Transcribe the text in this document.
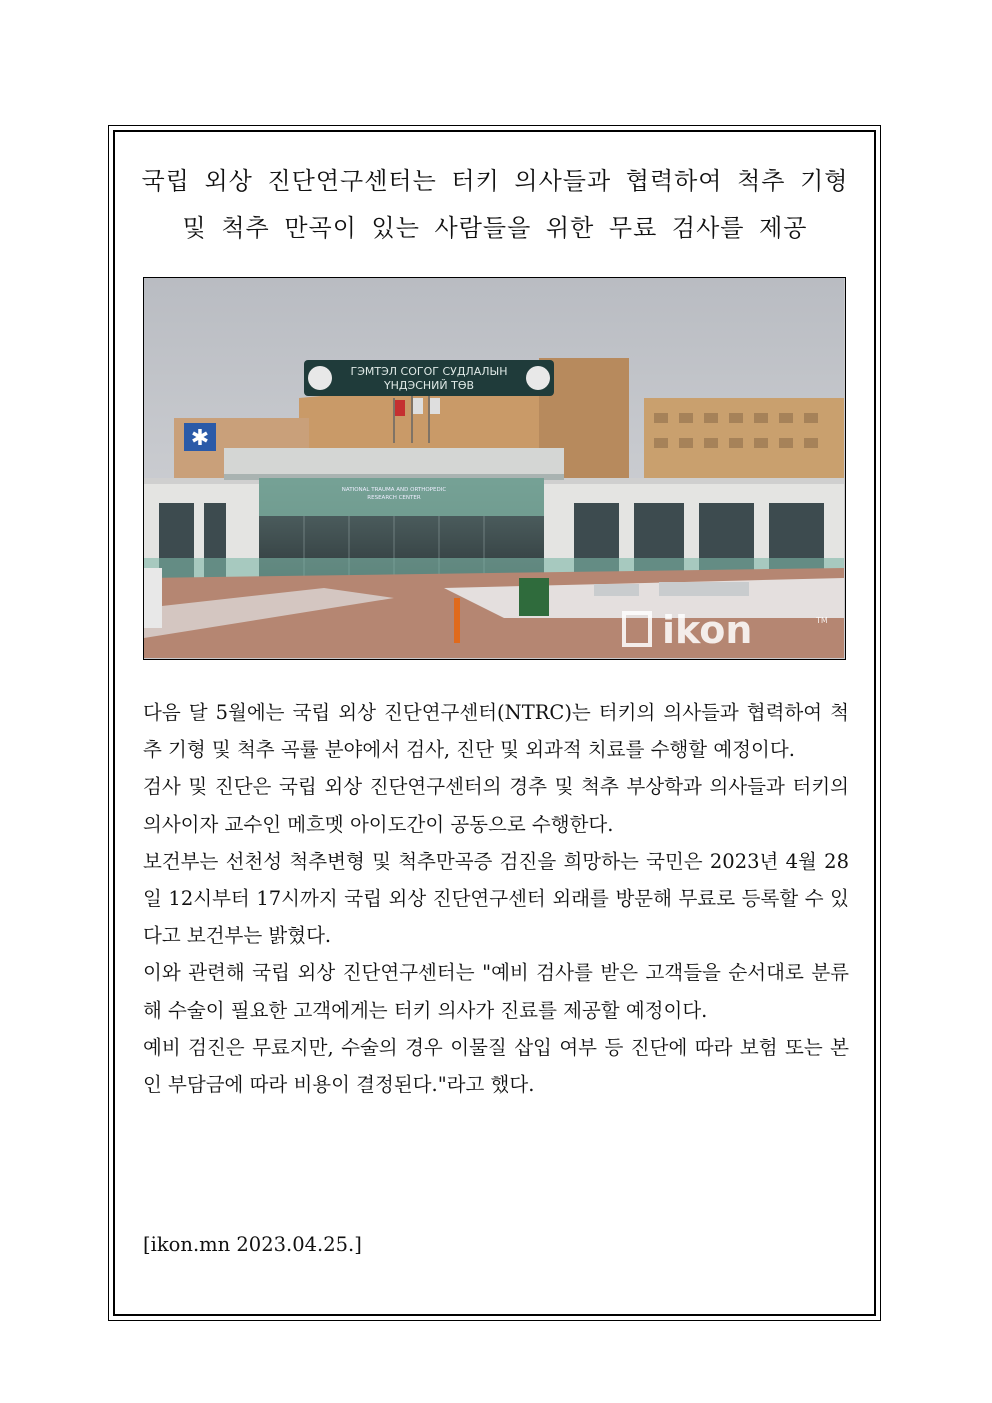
국립 외상 진단연구센터는 터키 의사들과 협력하여 척추 기형
및 척추 만곡이 있는 사람들을 위한 무료 검사를 제공
✱
ГЭМТЭЛ СОГОГ СУДЛАЛЫН
ҮНДЭСНИЙ ТӨВ
NATIONAL TRAUMA AND ORTHOPEDIC
RESEARCH CENTER
ikon	TM

다음 달 5월에는 국립 외상 진단연구센터(NTRC)는 터키의 의사들과 협력하여 척추 기형 및 척추 곡률 분야에서 검사, 진단 및 외과적 치료를 수행할 예정이다.

검사 및 진단은 국립 외상 진단연구센터의 경추 및 척추 부상학과 의사들과 터키의 의사이자 교수인 메흐멧 아이도간이 공동으로 수행한다.

보건부는 선천성 척추변형 및 척추만곡증 검진을 희망하는 국민은 2023년 4월 28일 12시부터 17시까지 국립 외상 진단연구센터 외래를 방문해 무료로 등록할 수 있다고 보건부는 밝혔다.

이와 관련해 국립 외상 진단연구센터는 "예비 검사를 받은 고객들을 순서대로 분류해 수술이 필요한 고객에게는 터키 의사가 진료를 제공할 예정이다.

예비 검진은 무료지만, 수술의 경우 이물질 삽입 여부 등 진단에 따라 보험 또는 본인 부담금에 따라 비용이 결정된다."라고 했다.

[ikon.mn 2023.04.25.]
